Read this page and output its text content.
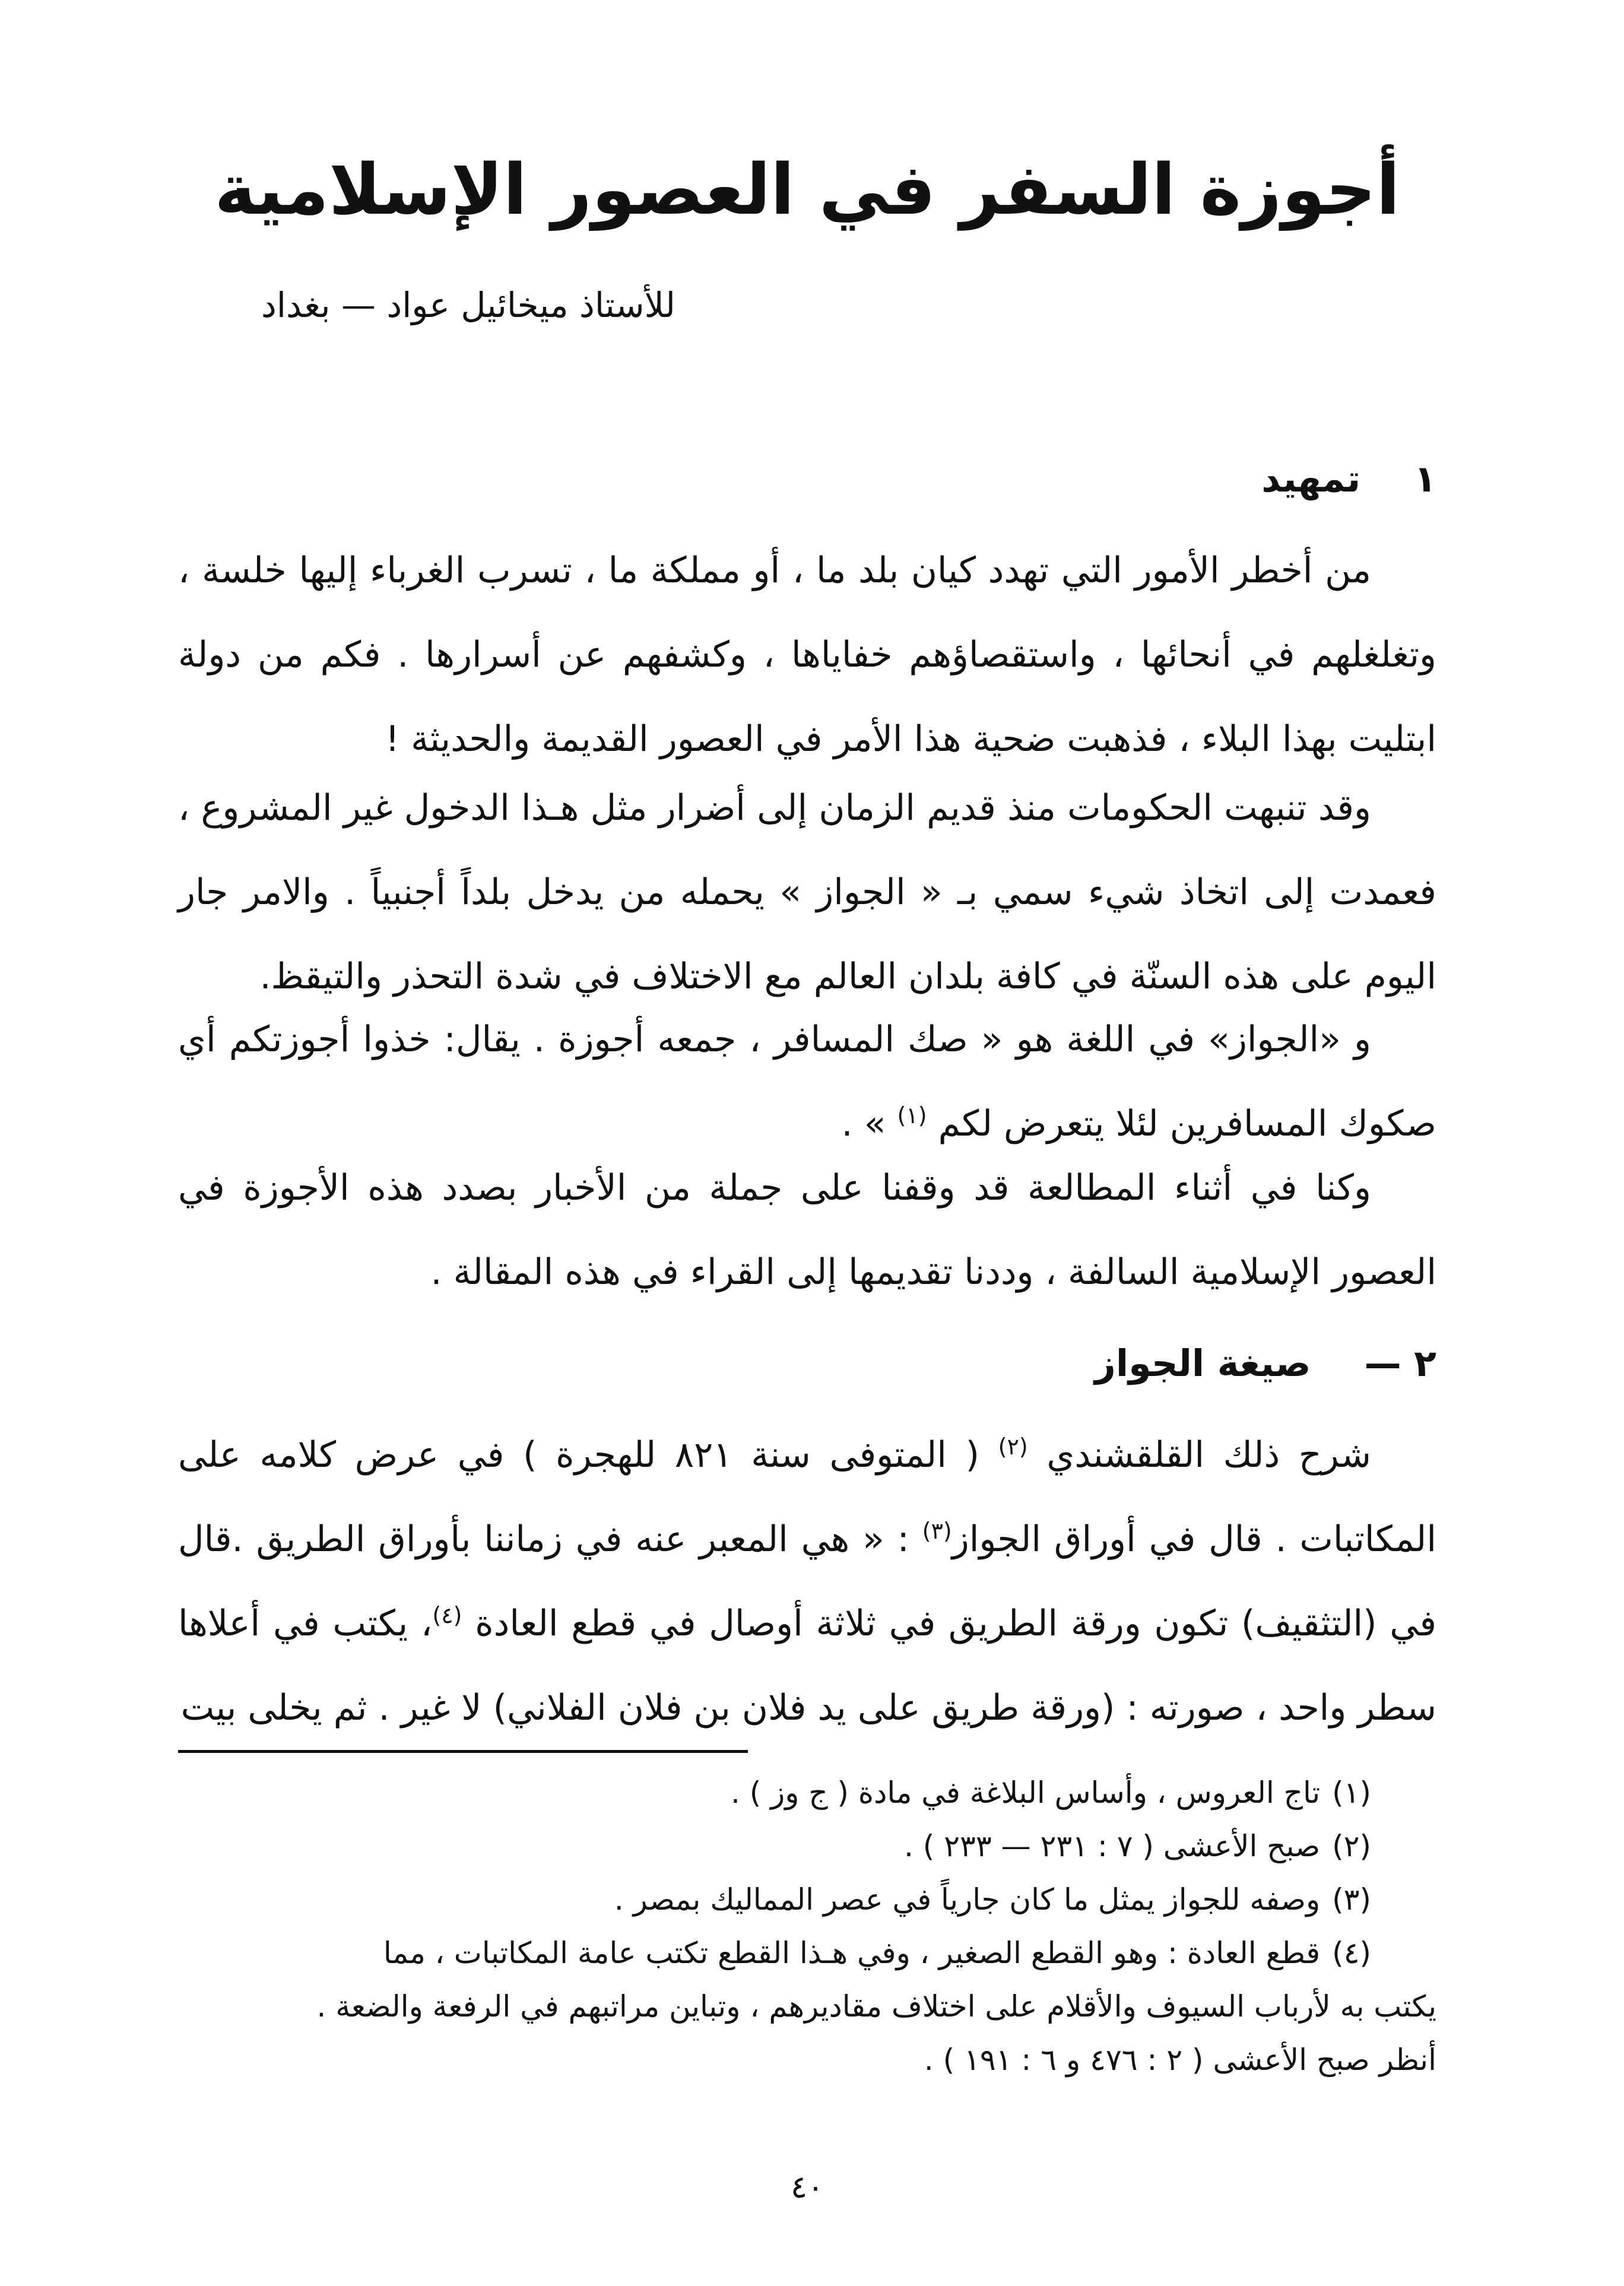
أجوزة السفر في العصور الإسلامية
للأستاذ ميخائيل عواد — بغداد
١
تمهيد
من أخطر الأمور التي تهدد كيان بلد ما ، أو مملكة ما ، تسرب الغرباء إليها خلسة ، وتغلغلهم في أنحائها ، واستقصاؤهم خفاياها ، وكشفهم عن أسرارها . فكم من دولة ابتليت بهذا البلاء ، فذهبت ضحية هذا الأمر في العصور القديمة والحديثة !
وقد تنبهت الحكومات منذ قديم الزمان إلى أضرار مثل هـذا الدخول غير المشروع ، فعمدت إلى اتخاذ شيء سمي بـ « الجواز » يحمله من يدخل بلداً أجنبياً . والامر جار اليوم على هذه السنّة في كافة بلدان العالم مع الاختلاف في شدة التحذر والتيقظ.
و «الجواز» في اللغة هو « صك المسافر ، جمعه أجوزة . يقال: خذوا أجوزتكم أي صكوك المسافرين لئلا يتعرض لكم $^{(١)}$ » .
وكنا في أثناء المطالعة قد وقفنا على جملة من الأخبار بصدد هذه الأجوزة في العصور الإسلامية السالفة ، وددنا تقديمها إلى القراء في هذه المقالة .
٢ —
صيغة الجواز
شرح ذلك القلقشندي $^{(٢)}$ ( المتوفى سنة ٨٢١ للهجرة ) في عرض كلامه على المكاتبات . قال في أوراق الجواز$^{(٣)}$ : « هي المعبر عنه في زماننا بأوراق الطريق .قال في (التثقيف) تكون ورقة الطريق في ثلاثة أوصال في قطع العادة $^{(٤)}$، يكتب في أعلاها سطر واحد ، صورته : (ورقة طريق على يد فلان بن فلان الفلاني) لا غير . ثم يخلى بيت
(١)تاج العروس ، وأساس البلاغة في مادة ( ج وز ) .
(٢)صبح الأعشى ( ٧ : ٢٣١ — ٢٣٣ ) .
(٣)وصفه للجواز يمثل ما كان جارياً في عصر المماليك بمصر .
(٤)قطع العادة : وهو القطع الصغير ، وفي هـذا القطع تكتب عامة المكاتبات ، مما
يكتب به لأرباب السيوف والأقلام على اختلاف مقاديرهم ، وتباين مراتبهم في الرفعة والضعة .
أنظر صبح الأعشى ( ٢ : ٤٧٦ و ٦ : ١٩١ ) .
٤٠
